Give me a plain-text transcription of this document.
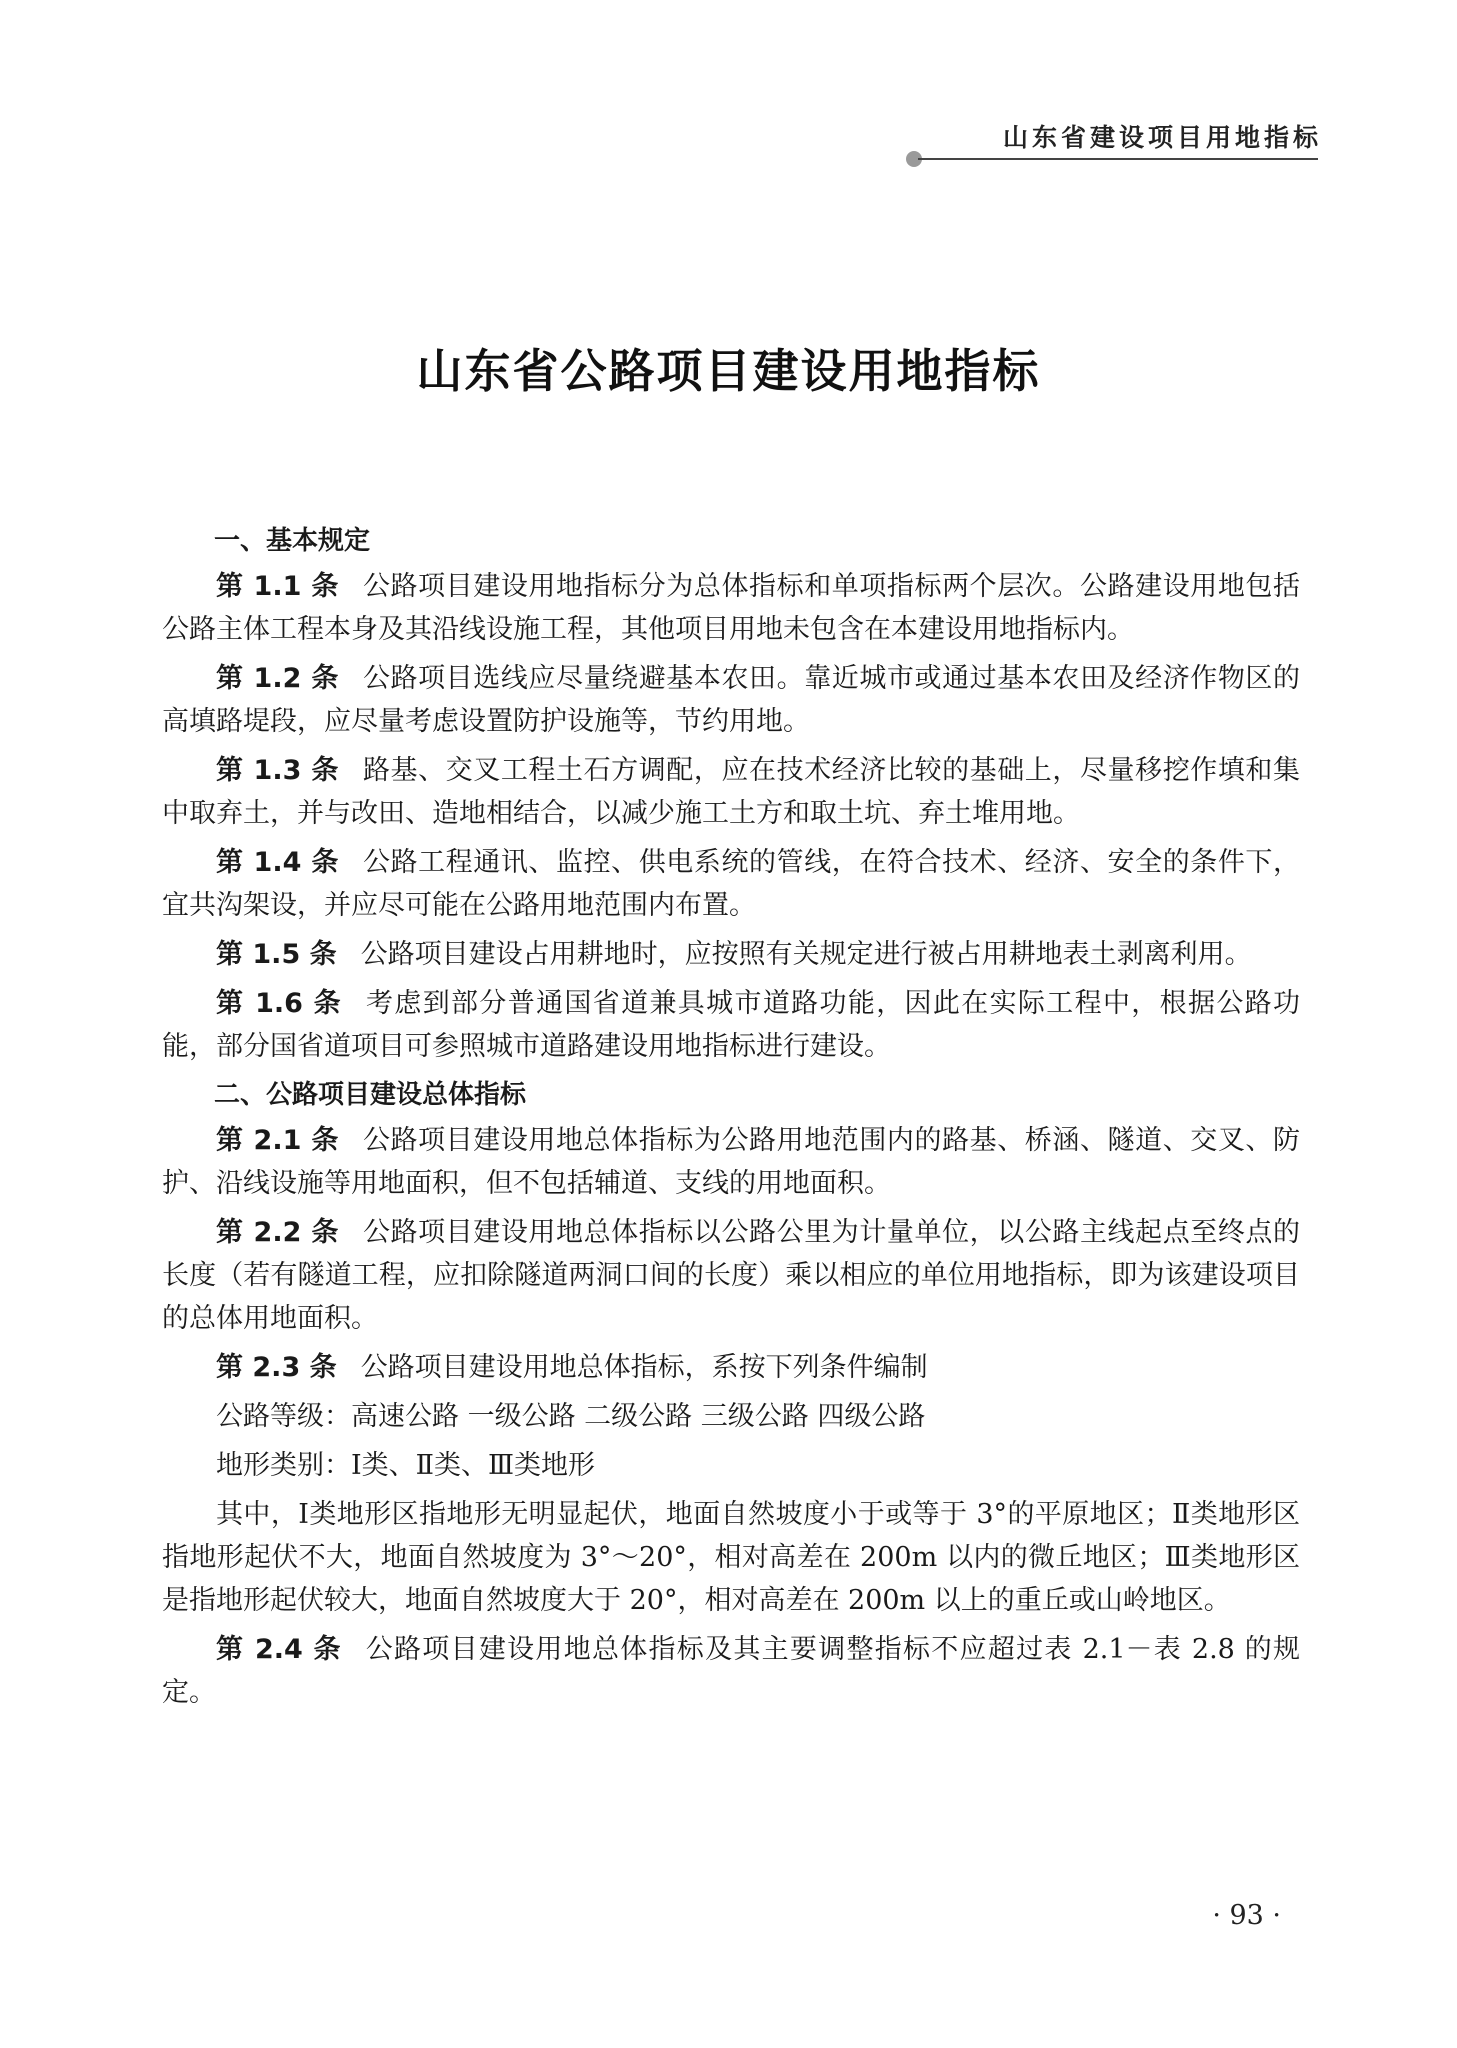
山东省建设项目用地指标
山东省公路项目建设用地指标

一、基本规定

第 1.1 条 公路项目建设用地指标分为总体指标和单项指标两个层次。公路建设用地包括公路主体工程本身及其沿线设施工程，其他项目用地未包含在本建设用地指标内。

第 1.2 条 公路项目选线应尽量绕避基本农田。靠近城市或通过基本农田及经济作物区的高填路堤段，应尽量考虑设置防护设施等，节约用地。

第 1.3 条 路基、交叉工程土石方调配，应在技术经济比较的基础上，尽量移挖作填和集中取弃土，并与改田、造地相结合，以减少施工土方和取土坑、弃土堆用地。

第 1.4 条 公路工程通讯、监控、供电系统的管线，在符合技术、经济、安全的条件下，宜共沟架设，并应尽可能在公路用地范围内布置。

第 1.5 条 公路项目建设占用耕地时，应按照有关规定进行被占用耕地表土剥离利用。

第 1.6 条 考虑到部分普通国省道兼具城市道路功能，因此在实际工程中，根据公路功能，部分国省道项目可参照城市道路建设用地指标进行建设。

二、公路项目建设总体指标

第 2.1 条 公路项目建设用地总体指标为公路用地范围内的路基、桥涵、隧道、交叉、防护、沿线设施等用地面积，但不包括辅道、支线的用地面积。

第 2.2 条 公路项目建设用地总体指标以公路公里为计量单位，以公路主线起点至终点的长度（若有隧道工程，应扣除隧道两洞口间的长度）乘以相应的单位用地指标，即为该建设项目的总体用地面积。

第 2.3 条 公路项目建设用地总体指标，系按下列条件编制

公路等级：高速公路 一级公路 二级公路 三级公路 四级公路

地形类别：Ⅰ类、Ⅱ类、Ⅲ类地形

其中，Ⅰ类地形区指地形无明显起伏，地面自然坡度小于或等于 3°的平原地区；Ⅱ类地形区指地形起伏不大，地面自然坡度为 3°～20°，相对高差在 200m 以内的微丘地区；Ⅲ类地形区是指地形起伏较大，地面自然坡度大于 20°，相对高差在 200m 以上的重丘或山岭地区。

第 2.4 条 公路项目建设用地总体指标及其主要调整指标不应超过表 2.1－表 2.8 的规定。

· 93 ·
